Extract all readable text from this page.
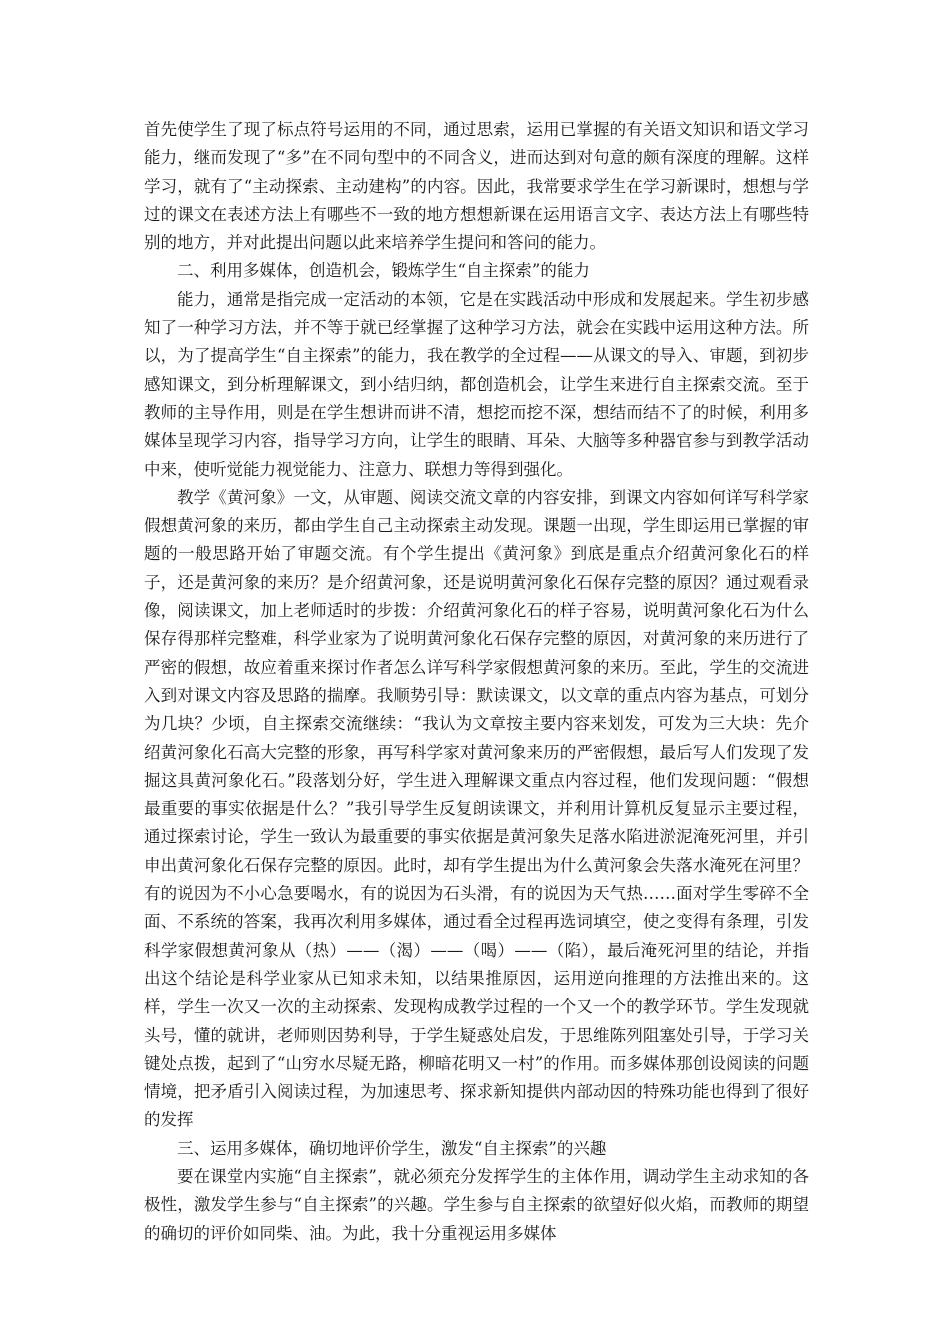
首先使学生了现了标点符号运用的不同，通过思索，运用已掌握的有关语文知识和语文学习能力，继而发现了“多”在不同句型中的不同含义，进而达到对句意的颇有深度的理解。这样学习，就有了“主动探索、主动建构”的内容。因此，我常要求学生在学习新课时，想想与学过的课文在表述方法上有哪些不一致的地方想想新课在运用语言文字、表达方法上有哪些特别的地方，并对此提出问题以此来培养学生提问和答问的能力。

二、利用多媒体，创造机会，锻炼学生“自主探索”的能力

能力，通常是指完成一定活动的本领，它是在实践活动中形成和发展起来。学生初步感知了一种学习方法，并不等于就已经掌握了这种学习方法，就会在实践中运用这种方法。所以，为了提高学生“自主探索”的能力，我在教学的全过程——从课文的导入、审题，到初步感知课文，到分析理解课文，到小结归纳，都创造机会，让学生来进行自主探索交流。至于教师的主导作用，则是在学生想讲而讲不清，想挖而挖不深，想结而结不了的时候，利用多媒体呈现学习内容，指导学习方向，让学生的眼睛、耳朵、大脑等多种器官参与到教学活动中来，使听觉能力视觉能力、注意力、联想力等得到强化。

教学《黄河象》一文，从审题、阅读交流文章的内容安排，到课文内容如何详写科学家假想黄河象的来历，都由学生自己主动探索主动发现。课题一出现，学生即运用已掌握的审题的一般思路开始了审题交流。有个学生提出《黄河象》到底是重点介绍黄河象化石的样子，还是黄河象的来历？是介绍黄河象，还是说明黄河象化石保存完整的原因？通过观看录像，阅读课文，加上老师适时的步拨：介绍黄河象化石的样子容易，说明黄河象化石为什么保存得那样完整难，科学业家为了说明黄河象化石保存完整的原因，对黄河象的来历进行了严密的假想，故应着重来探讨作者怎么详写科学家假想黄河象的来历。至此，学生的交流进入到对课文内容及思路的揣摩。我顺势引导：默读课文，以文章的重点内容为基点，可划分为几块？少顷，自主探索交流继续：“我认为文章按主要内容来划发，可发为三大块：先介绍黄河象化石高大完整的形象，再写科学家对黄河象来历的严密假想，最后写人们发现了发掘这具黄河象化石。”段落划分好，学生进入理解课文重点内容过程，他们发现问题：“假想最重要的事实依据是什么？”我引导学生反复朗读课文，并利用计算机反复显示主要过程，通过探索讨论，学生一致认为最重要的事实依据是黄河象失足落水陷进淤泥淹死河里，并引申出黄河象化石保存完整的原因。此时，却有学生提出为什么黄河象会失落水淹死在河里？有的说因为不小心急要喝水，有的说因为石头滑，有的说因为天气热……面对学生零碎不全面、不系统的答案，我再次利用多媒体，通过看全过程再选词填空，使之变得有条理，引发科学家假想黄河象从（热）——（渴）——（喝）——（陷），最后淹死河里的结论，并指出这个结论是科学业家从已知求未知，以结果推原因，运用逆向推理的方法推出来的。这样，学生一次又一次的主动探索、发现构成教学过程的一个又一个的教学环节。学生发现就头号，懂的就讲，老师则因势利导，于学生疑惑处启发，于思维陈列阻塞处引导，于学习关键处点拨，起到了“山穷水尽疑无路，柳暗花明又一村”的作用。而多媒体那创设阅读的问题情境，把矛盾引入阅读过程，为加速思考、探求新知提供内部动因的特殊功能也得到了很好的发挥

三、运用多媒体，确切地评价学生，激发“自主探索”的兴趣

要在课堂内实施“自主探索”，就必须充分发挥学生的主体作用，调动学生主动求知的各极性，激发学生参与“自主探索”的兴趣。学生参与自主探索的欲望好似火焰，而教师的期望的确切的评价如同柴、油。为此，我十分重视运用多媒体
